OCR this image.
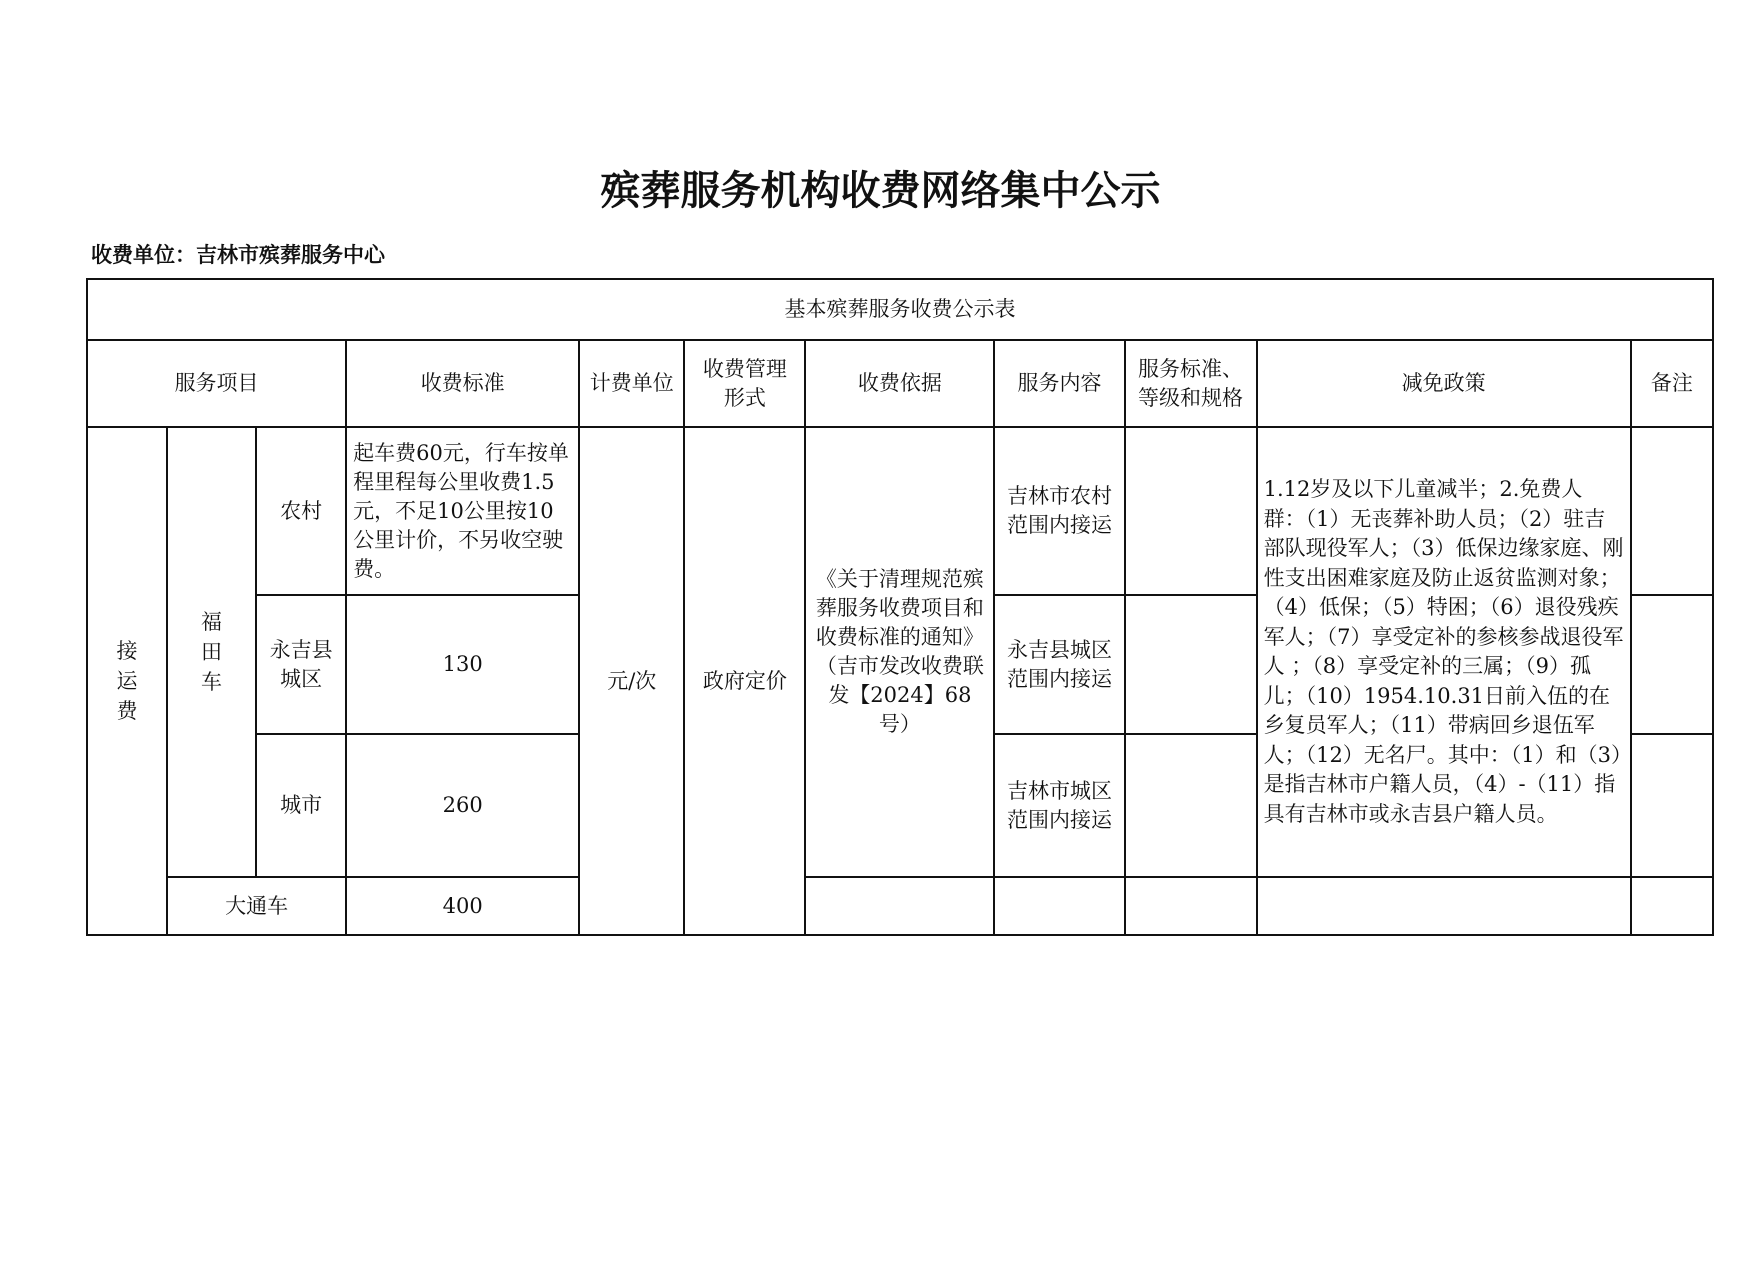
殡葬服务机构收费网络集中公示
收费单位：吉林市殡葬服务中心
基本殡葬服务收费公示表										
服务项目			收费标准	计费单位	收费管理形式	收费依据	服务内容	服务标准、等级和规格	减免政策	备注
接运费	福田车	农村	起车费60元，行车按单程里程每公里收费1.5元，不足10公里按10公里计价，不另收空驶费。	元/次	政府定价	《关于清理规范殡葬服务收费项目和收费标准的通知》（吉市发改收费联发【2024】68号）	吉林市农村范围内接运		1.12岁及以下儿童减半；2.免费人群：（1）无丧葬补助人员；（2）驻吉部队现役军人；（3）低保边缘家庭、刚性支出困难家庭及防止返贫监测对象；（4）低保；（5）特困；（6）退役残疾军人；（7）享受定补的参核参战退役军人 ；（8）享受定补的三属；（9）孤儿；（10）1954.10.31日前入伍的在乡复员军人；（11）带病回乡退伍军人；（12）无名尸。其中：（1）和（3）是指吉林市户籍人员，（4）-（11）指具有吉林市或永吉县户籍人员。	
		永吉县城区	130				永吉县城区范围内接运			
		城市	260				吉林市城区范围内接运			
	大通车		400							
